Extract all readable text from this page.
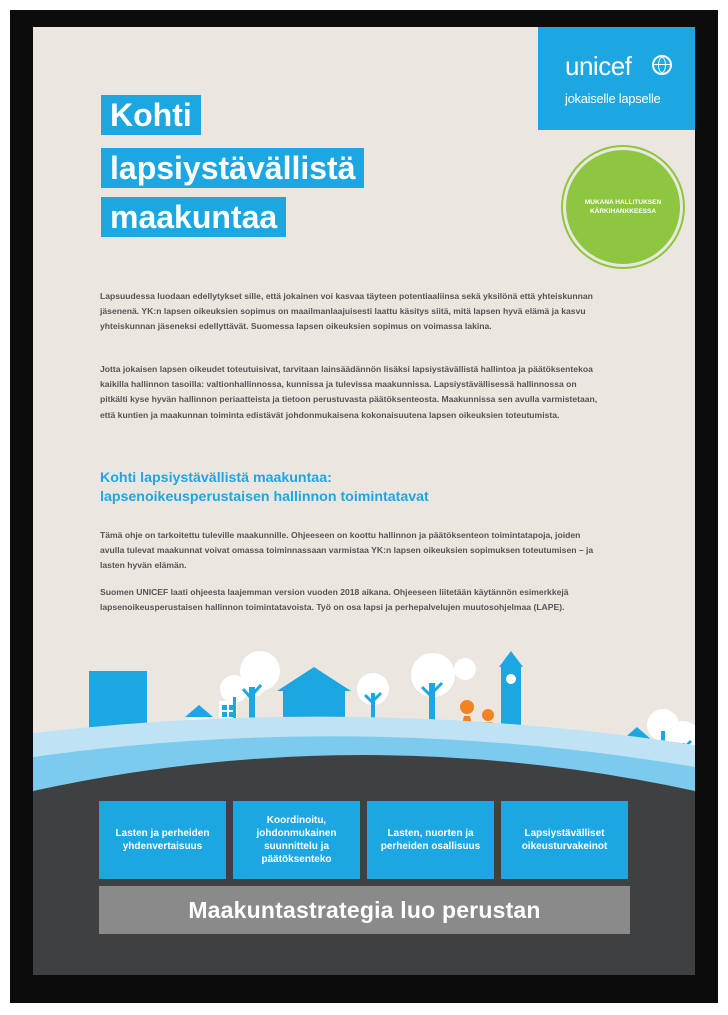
unicef
jokaiselle lapselle
Kohti
lapsiystävällistä
maakuntaa	MUKANA HALLITUKSEN KÄRKIHANKKEESSA

Lapsuudessa luodaan edellytykset sille, että jokainen voi kasvaa täyteen potentiaaliinsa sekä yksilönä että yhteiskunnan jäsenenä. YK:n lapsen oikeuksien sopimus on maailmanlaajuisesti laattu käsitys siitä, mitä lapsen hyvä elämä ja kasvu yhteiskunnan jäseneksi edellyttävät. Suomessa lapsen oikeuksien sopimus on voimassa lakina.

Jotta jokaisen lapsen oikeudet toteutuisivat, tarvitaan lainsäädännön lisäksi lapsiystävällistä hallintoa ja päätöksentekoa kaikilla hallinnon tasoilla: valtionhallinnossa, kunnissa ja tulevissa maakunnissa. Lapsiystävällisessä hallinnossa on pitkälti kyse hyvän hallinnon periaatteista ja tietoon perustuvasta päätöksenteosta. Maakunnissa sen avulla varmistetaan, että kuntien ja maakunnan toiminta edistävät johdonmukaisena kokonaisuutena lapsen oikeuksien toteutumista.

Kohti lapsiystävällistä maakuntaa:
lapsenoikeusperustaisen hallinnon toimintatavat

Tämä ohje on tarkoitettu tuleville maakunnille. Ohjeeseen on koottu hallinnon ja päätöksenteon toimintatapoja, joiden avulla tulevat maakunnat voivat omassa toiminnassaan varmistaa YK:n lapsen oikeuksien sopimuksen toteutumisen – ja lasten hyvän elämän.

Suomen UNICEF laati ohjeesta laajemman version vuoden 2018 aikana. Ohjeeseen liitetään käytännön esimerkkejä lapsenoikeusperustaisen hallinnon toimintatavoista. Työ on osa lapsi ja perhepalvelujen muutosohjelmaa (LAPE).

Lasten ja perheiden yhdenvertaisuus
Koordinoitu, johdonmukainen suunnittelu ja päätöksenteko
Lasten, nuorten ja perheiden osallisuus
Lapsiystävälliset oikeusturvakeinot
Maakuntastrategia luo perustan
